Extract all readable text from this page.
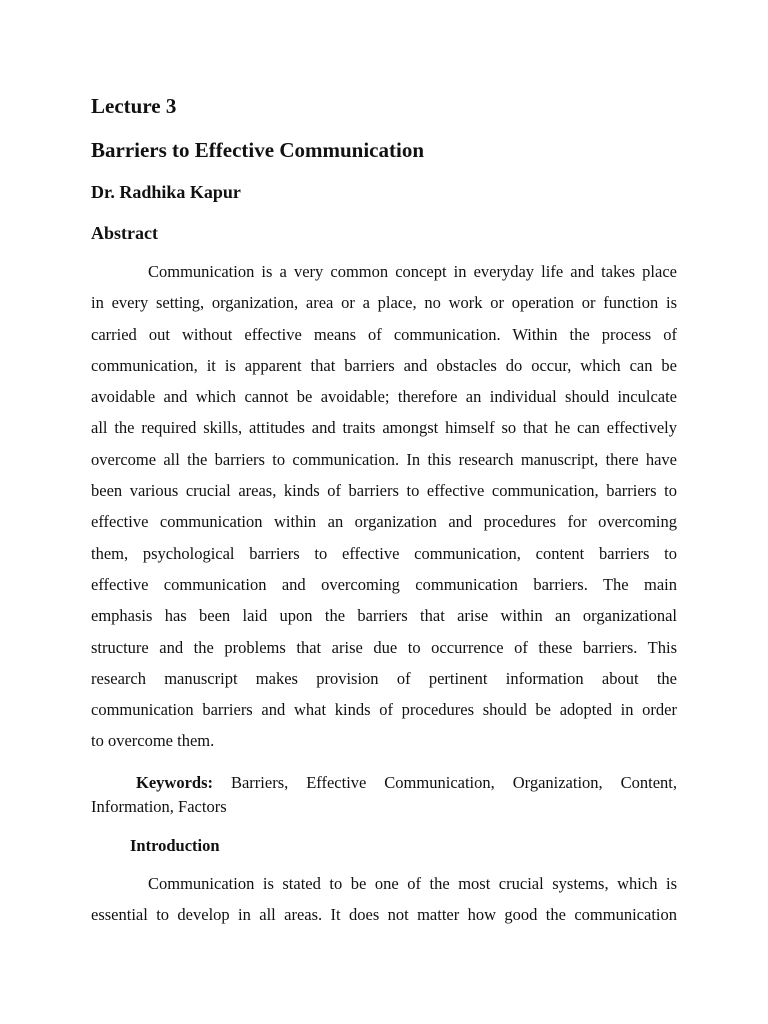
Lecture 3
Barriers to Effective Communication
Dr. Radhika Kapur
Abstract
Communication is a very common concept in everyday life and takes place
in every setting, organization, area or a place, no work or operation or function is
carried out without effective means of communication. Within the process of
communication, it is apparent that barriers and obstacles do occur, which can be
avoidable and which cannot be avoidable; therefore an individual should inculcate
all the required skills, attitudes and traits amongst himself so that he can effectively
overcome all the barriers to communication. In this research manuscript, there have
been various crucial areas, kinds of barriers to effective communication, barriers to
effective communication within an organization and procedures for overcoming
them, psychological barriers to effective communication, content barriers to
effective communication and overcoming communication barriers. The main
emphasis has been laid upon the barriers that arise within an organizational
structure and the problems that arise due to occurrence of these barriers. This
research manuscript makes provision of pertinent information about the
communication barriers and what kinds of procedures should be adopted in order
to overcome them.
Keywords: Barriers, Effective Communication, Organization, Content,
Information, Factors
Introduction
Communication is stated to be one of the most crucial systems, which is
essential to develop in all areas. It does not matter how good the communication
